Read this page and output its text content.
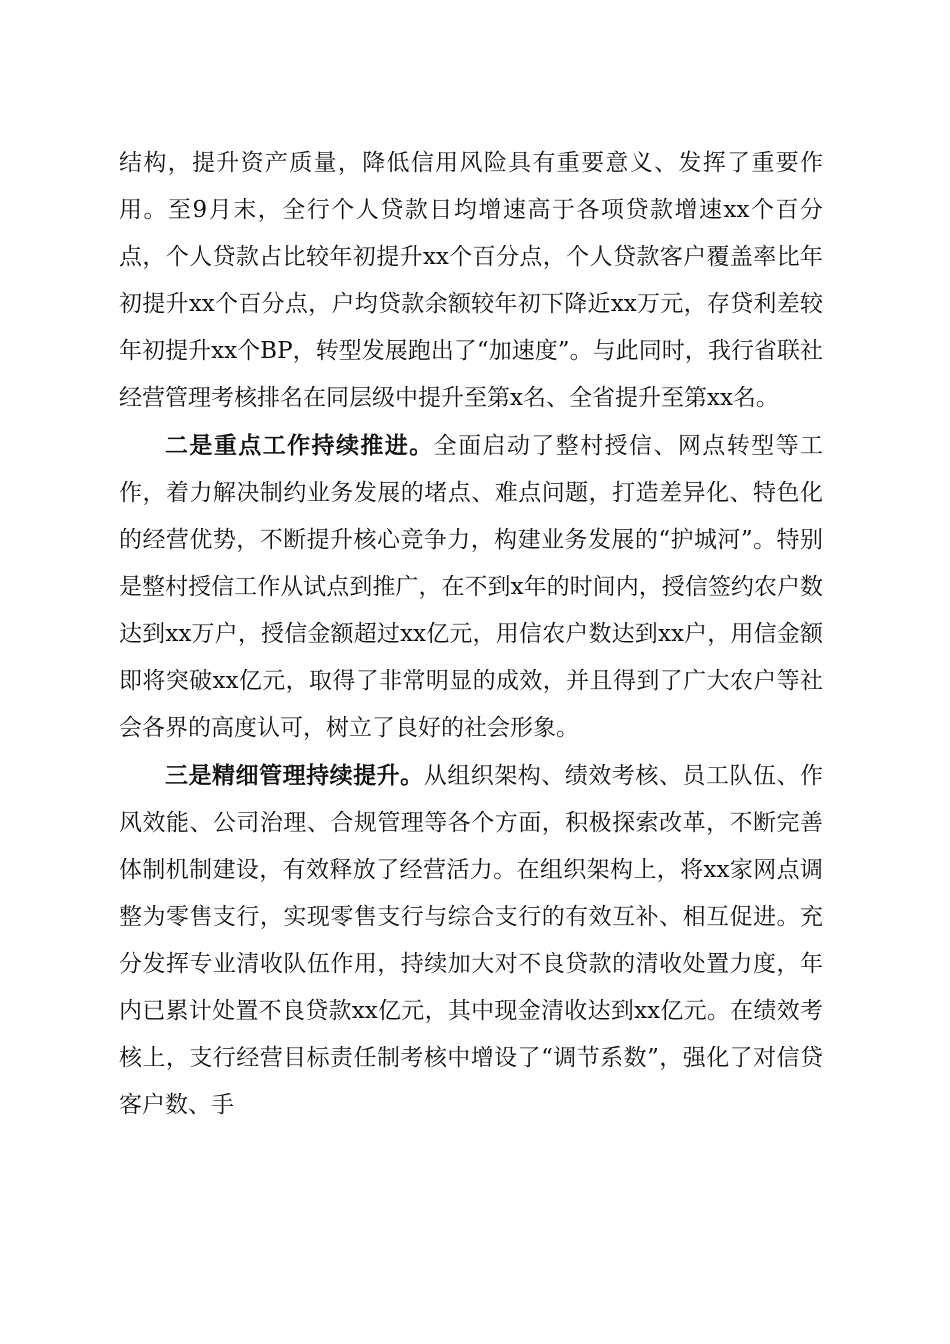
结构，提升资产质量，降低信用风险具有重要意义、发挥了重要作用。至9月末，全行个人贷款日均增速高于各项贷款增速xx个百分点，个人贷款占比较年初提升xx个百分点，个人贷款客户覆盖率比年初提升xx个百分点，户均贷款余额较年初下降近xx万元，存贷利差较年初提升xx个BP，转型发展跑出了“加速度”。与此同时，我行省联社经营管理考核排名在同层级中提升至第x名、全省提升至第xx名。

二是重点工作持续推进。全面启动了整村授信、网点转型等工作，着力解决制约业务发展的堵点、难点问题，打造差异化、特色化的经营优势，不断提升核心竞争力，构建业务发展的“护城河”。特别是整村授信工作从试点到推广，在不到x年的时间内，授信签约农户数达到xx万户，授信金额超过xx亿元，用信农户数达到xx户，用信金额即将突破xx亿元，取得了非常明显的成效，并且得到了广大农户等社会各界的高度认可，树立了良好的社会形象。

三是精细管理持续提升。从组织架构、绩效考核、员工队伍、作风效能、公司治理、合规管理等各个方面，积极探索改革，不断完善体制机制建设，有效释放了经营活力。在组织架构上，将xx家网点调整为零售支行，实现零售支行与综合支行的有效互补、相互促进。充分发挥专业清收队伍作用，持续加大对不良贷款的清收处置力度，年内已累计处置不良贷款xx亿元，其中现金清收达到xx亿元。在绩效考核上，支行经营目标责任制考核中增设了“调节系数”，强化了对信贷客户数、手
